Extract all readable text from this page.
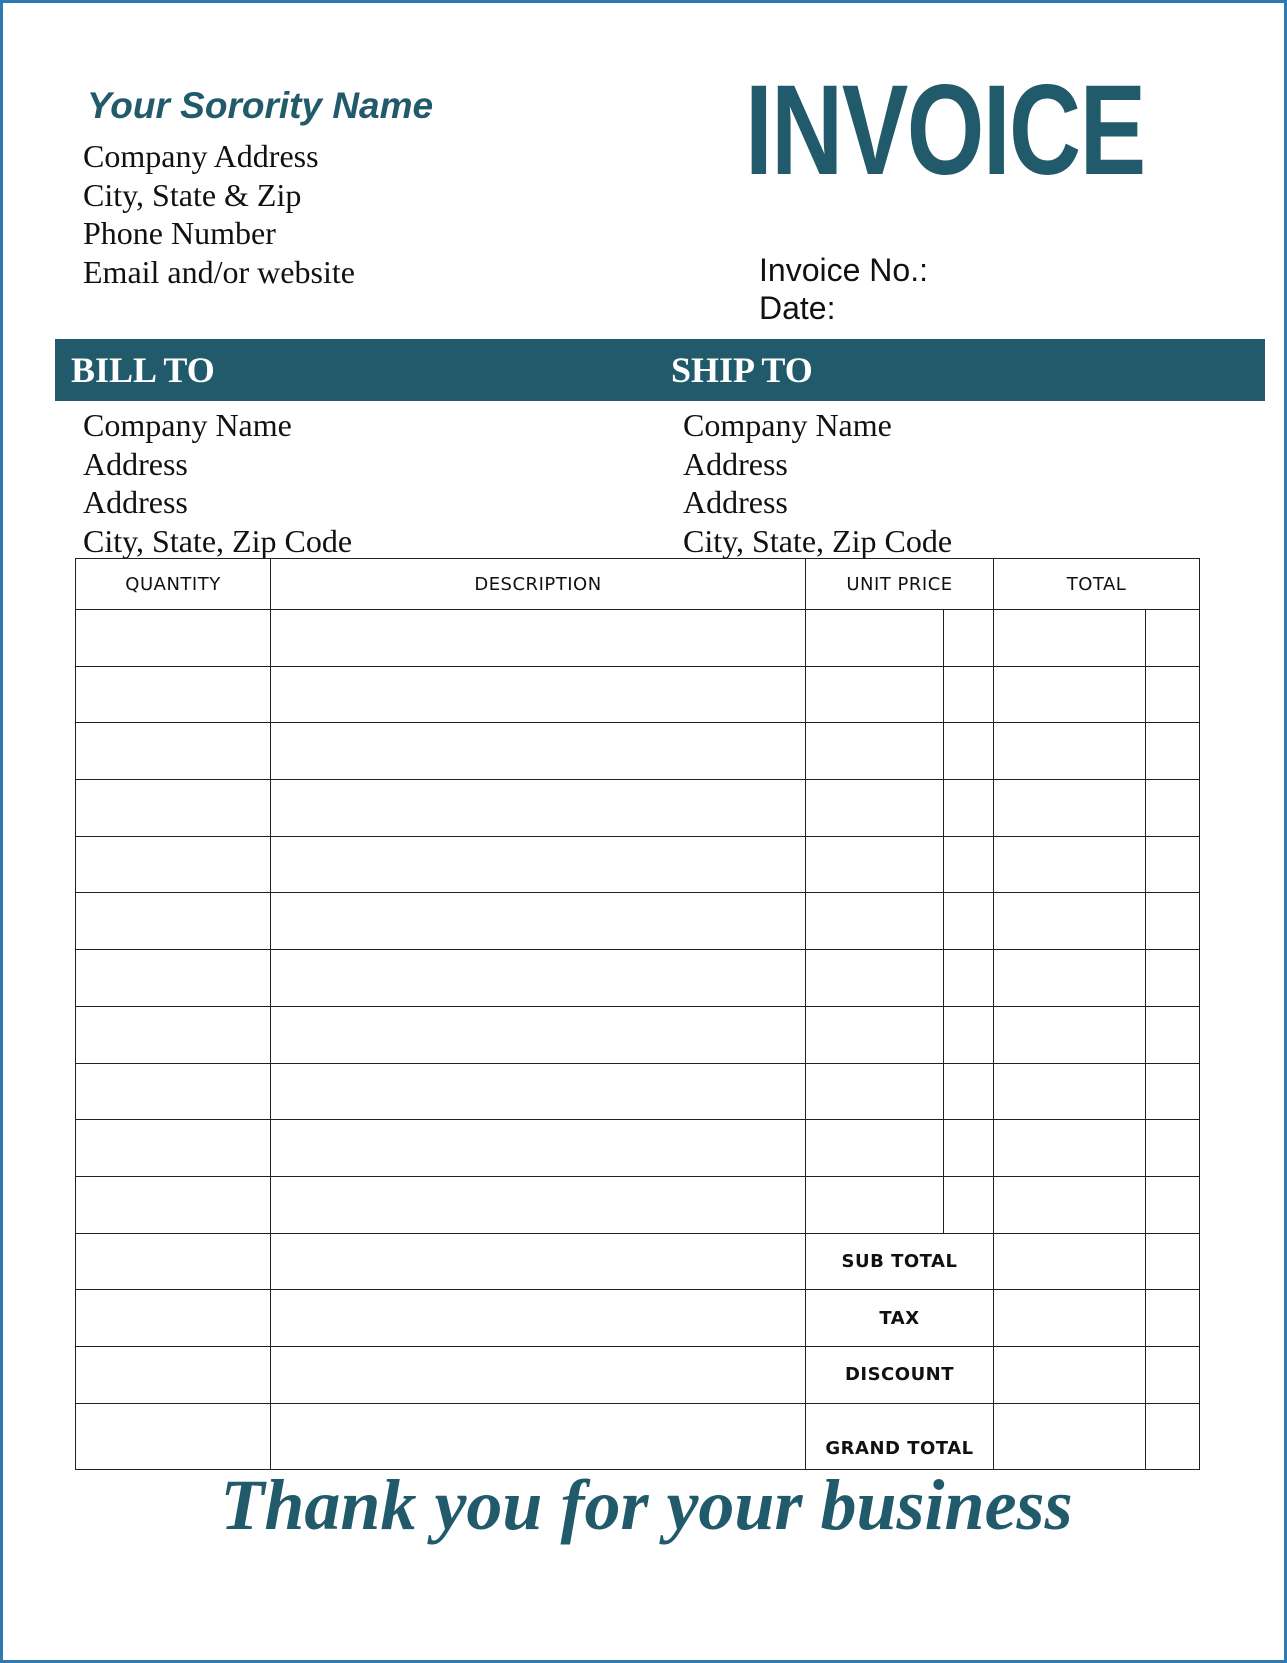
Your Sorority Name
Company Address
City, State & Zip
Phone Number
Email and/or website
INVOICE
Invoice No.:
Date:
BILL TO	SHIP TO
Company Name
Address
Address
City, State, Zip Code
Company Name
Address
Address
City, State, Zip Code
QUANTITY	DESCRIPTION	UNIT PRICE		TOTAL	

		SUB TOTAL			
		TAX			
		DISCOUNT			
		GRAND TOTAL			
Thank you for your business
